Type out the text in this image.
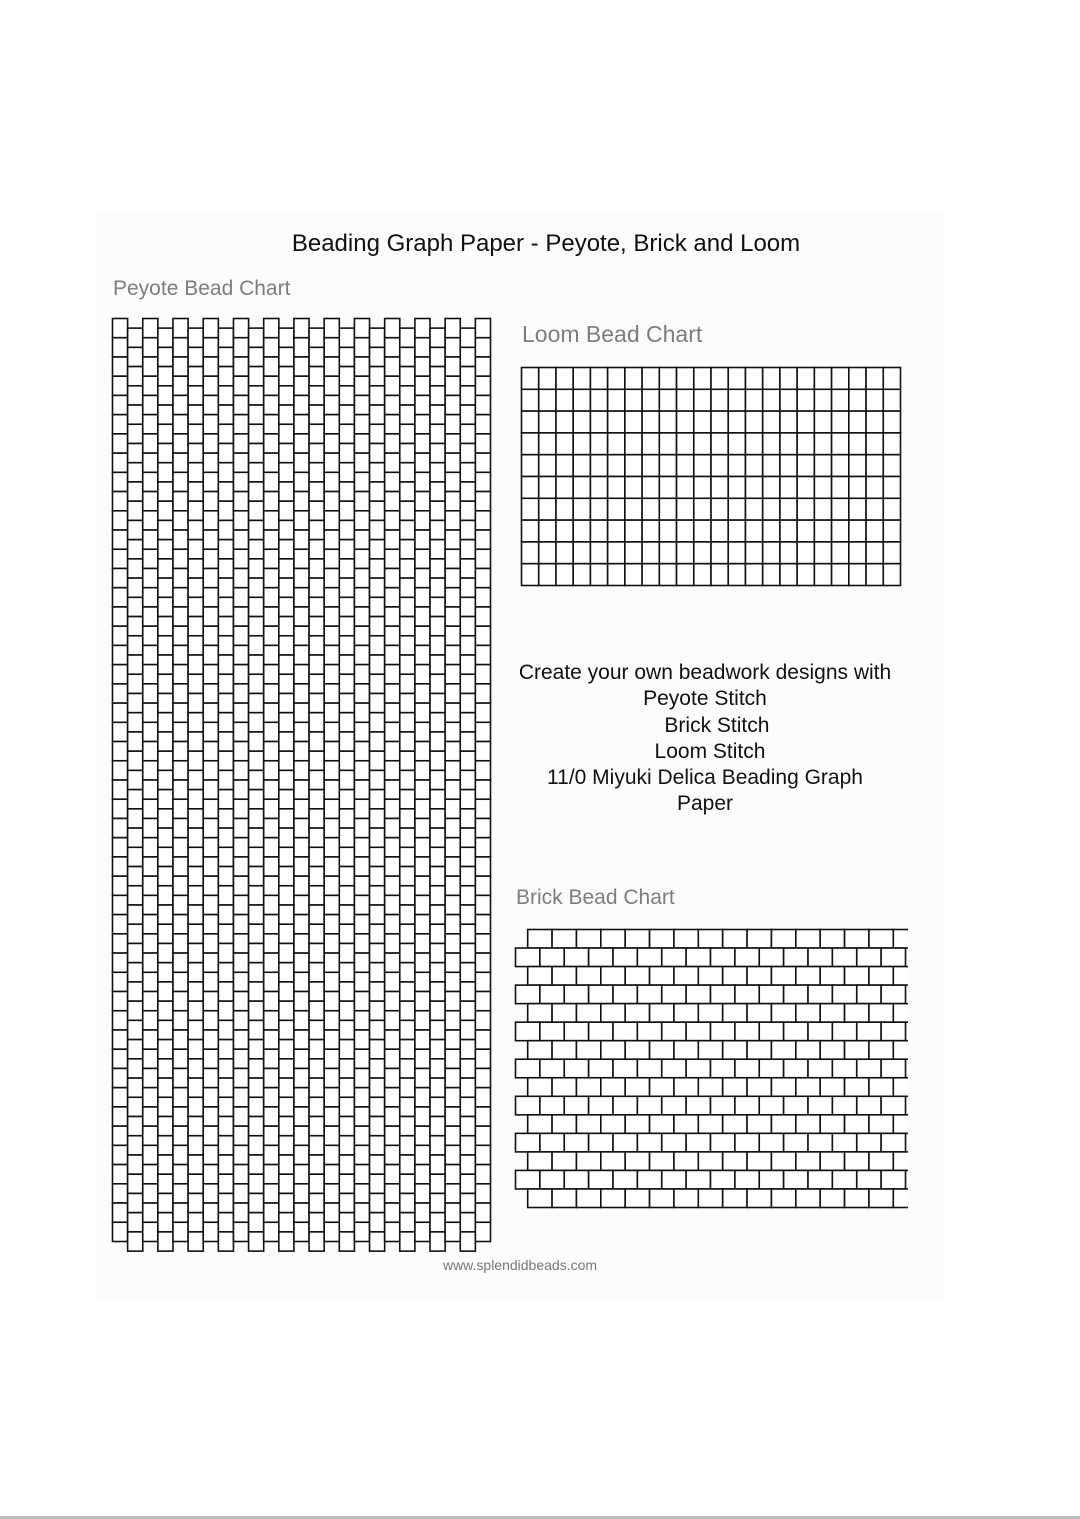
Beading Graph Paper - Peyote, Brick and Loom
Peyote Bead Chart
Loom Bead Chart
Brick Bead Chart
Create your own beadwork designs with
Peyote Stitch
Brick Stitch
Loom Stitch
11/0 Miyuki Delica Beading Graph
Paper
www.splendidbeads.com
